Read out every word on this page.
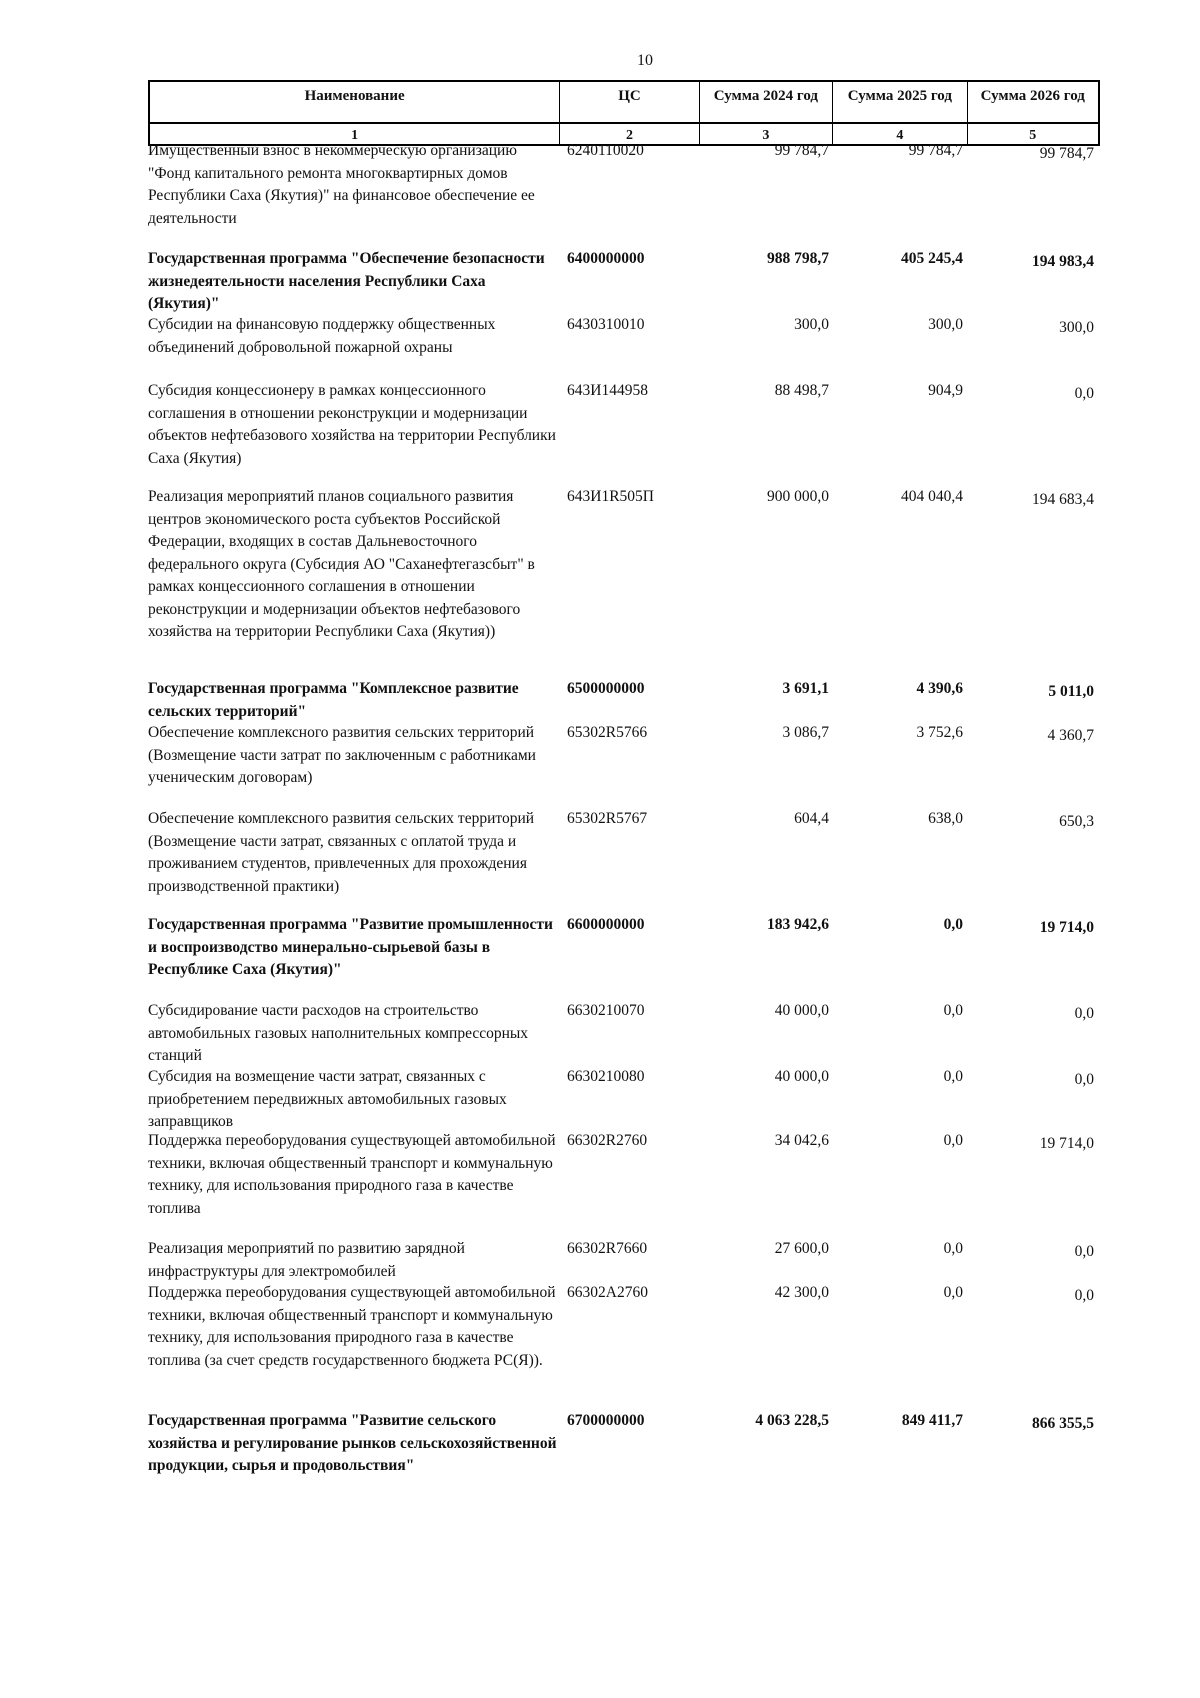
10
Наименование	ЦС	Сумма 2024 год	Сумма 2025 год	Сумма 2026 год
1	2	3	4	5
Имущественный взнос в некоммерческую организацию "Фонд капитального ремонта многоквартирных домов Республики Саха (Якутия)" на финансовое обеспечение ее деятельности
6240110020	99 784,7	99 784,7	99 784,7
Государственная программа "Обеспечение безопасности жизнедеятельности населения Республики Саха (Якутия)"
6400000000	988 798,7	405 245,4	194 983,4
Субсидии на финансовую поддержку общественных объединений добровольной пожарной охраны
6430310010	300,0	300,0	300,0
Субсидия концессионеру в рамках концессионного соглашения в отношении реконструкции и модернизации объектов нефтебазового хозяйства на территории Республики Саха (Якутия)
643И144958	88 498,7	904,9	0,0
Реализация мероприятий планов социального развития центров экономического роста субъектов Российской Федерации, входящих в состав Дальневосточного федерального округа (Субсидия АО "Саханефтегазсбыт" в рамках концессионного соглашения в отношении реконструкции и модернизации объектов нефтебазового хозяйства на территории Республики Саха (Якутия))
643И1R505П	900 000,0	404 040,4	194 683,4
Государственная программа "Комплексное развитие сельских территорий"
6500000000	3 691,1	4 390,6	5 011,0
Обеспечение комплексного развития сельских территорий (Возмещение части затрат по заключенным с работниками ученическим договорам)
65302R5766	3 086,7	3 752,6	4 360,7
Обеспечение комплексного развития сельских территорий (Возмещение части затрат, связанных с оплатой труда и проживанием студентов, привлеченных для прохождения производственной практики)
65302R5767	604,4	638,0	650,3
Государственная программа "Развитие промышленности и воспроизводство минерально-сырьевой базы в Республике Саха (Якутия)"
6600000000	183 942,6	0,0	19 714,0
Субсидирование части расходов на строительство автомобильных газовых наполнительных компрессорных станций
6630210070	40 000,0	0,0	0,0
Субсидия на возмещение части затрат, связанных с приобретением передвижных автомобильных газовых заправщиков
6630210080	40 000,0	0,0	0,0
Поддержка переоборудования существующей автомобильной техники, включая общественный транспорт и коммунальную технику, для использования природного газа в качестве топлива
66302R2760	34 042,6	0,0	19 714,0
Реализация мероприятий по развитию зарядной инфраструктуры для электромобилей
66302R7660	27 600,0	0,0	0,0
Поддержка переоборудования существующей автомобильной техники, включая общественный транспорт и коммунальную технику, для использования природного газа в качестве топлива (за счет средств государственного бюджета РС(Я)).
66302А2760	42 300,0	0,0	0,0
Государственная программа "Развитие сельского хозяйства и регулирование рынков сельскохозяйственной продукции, сырья и продовольствия"
6700000000	4 063 228,5	849 411,7	866 355,5
